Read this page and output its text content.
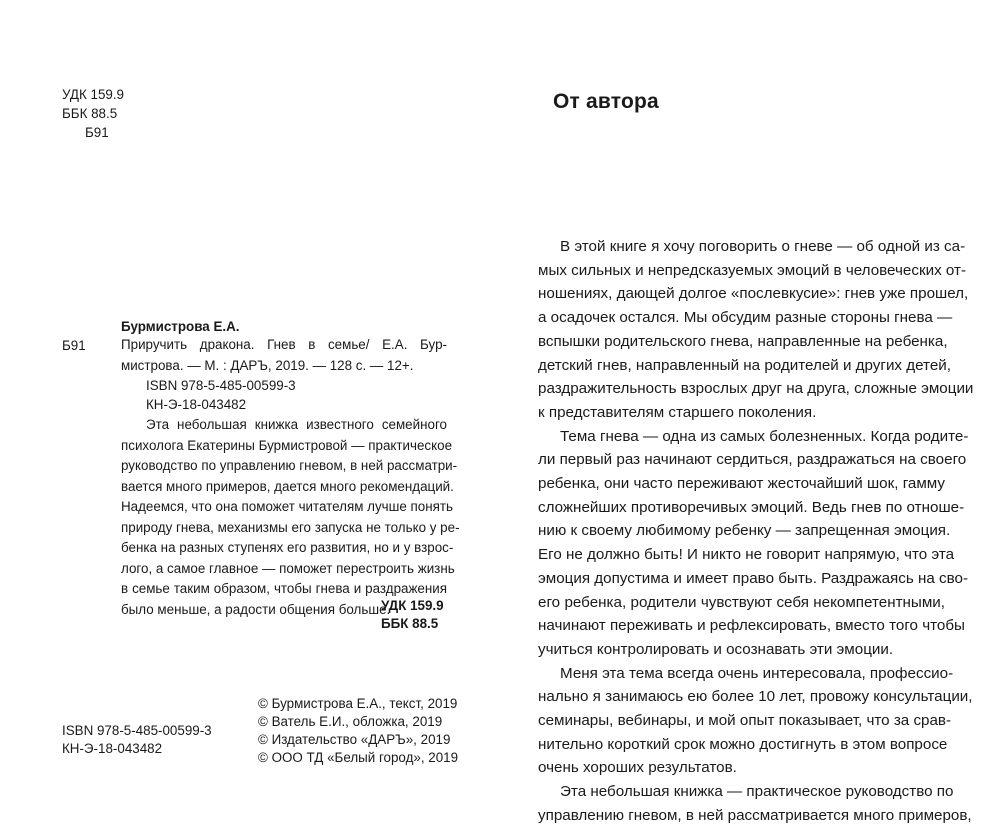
УДК 159.9
ББК 88.5
Б91
Бурмистрова Е.А.
Б91	Приручить дракона. Гнев в семье/ Е.А. Бур-
мистрова. — М. : ДАРЪ, 2019. — 128 с. — 12+.
ISBN 978-5-485-00599-3
КН-Э-18-043482
Эта небольшая книжка известного семейного
психолога Екатерины Бурмистровой — практическое
руководство по управлению гневом, в ней рассматри-
вается много примеров, дается много рекомендаций.
Надеемся, что она поможет читателям лучше понять
природу гнева, механизмы его запуска не только у ре-
бенка на разных ступенях его развития, но и у взрос-
лого, а самое главное — поможет перестроить жизнь
в семье таким образом, чтобы гнева и раздражения
было меньше, а радости общения больше.
УДК 159.9
ББК 88.5
ISBN 978-5-485-00599-3
КН-Э-18-043482
© Бурмистрова Е.А., текст, 2019
© Ватель Е.И., обложка, 2019
© Издательство «ДАРЪ», 2019
© ООО ТД «Белый город», 2019
От автора
В этой книге я хочу поговорить о гневе — об одной из са-
мых сильных и непредсказуемых эмоций в человеческих от-
ношениях, дающей долгое «послевкусие»: гнев уже прошел,
а осадочек остался. Мы обсудим разные стороны гнева —
вспышки родительского гнева, направленные на ребенка,
детский гнев, направленный на родителей и других детей,
раздражительность взрослых друг на друга, сложные эмоции
к представителям старшего поколения.
Тема гнева — одна из самых болезненных. Когда родите-
ли первый раз начинают сердиться, раздражаться на своего
ребенка, они часто переживают жесточайший шок, гамму
сложнейших противоречивых эмоций. Ведь гнев по отноше-
нию к своему любимому ребенку — запрещенная эмоция.
Его не должно быть! И никто не говорит напрямую, что эта
эмоция допустима и имеет право быть. Раздражаясь на сво-
его ребенка, родители чувствуют себя некомпетентными,
начинают переживать и рефлексировать, вместо того чтобы
учиться контролировать и осознавать эти эмоции.
Меня эта тема всегда очень интересовала, профессио-
нально я занимаюсь ею более 10 лет, провожу консультации,
семинары, вебинары, и мой опыт показывает, что за срав-
нительно короткий срок можно достигнуть в этом вопросе
очень хороших результатов.
Эта небольшая книжка — практическое руководство по
управлению гневом, в ней рассматривается много примеров,
